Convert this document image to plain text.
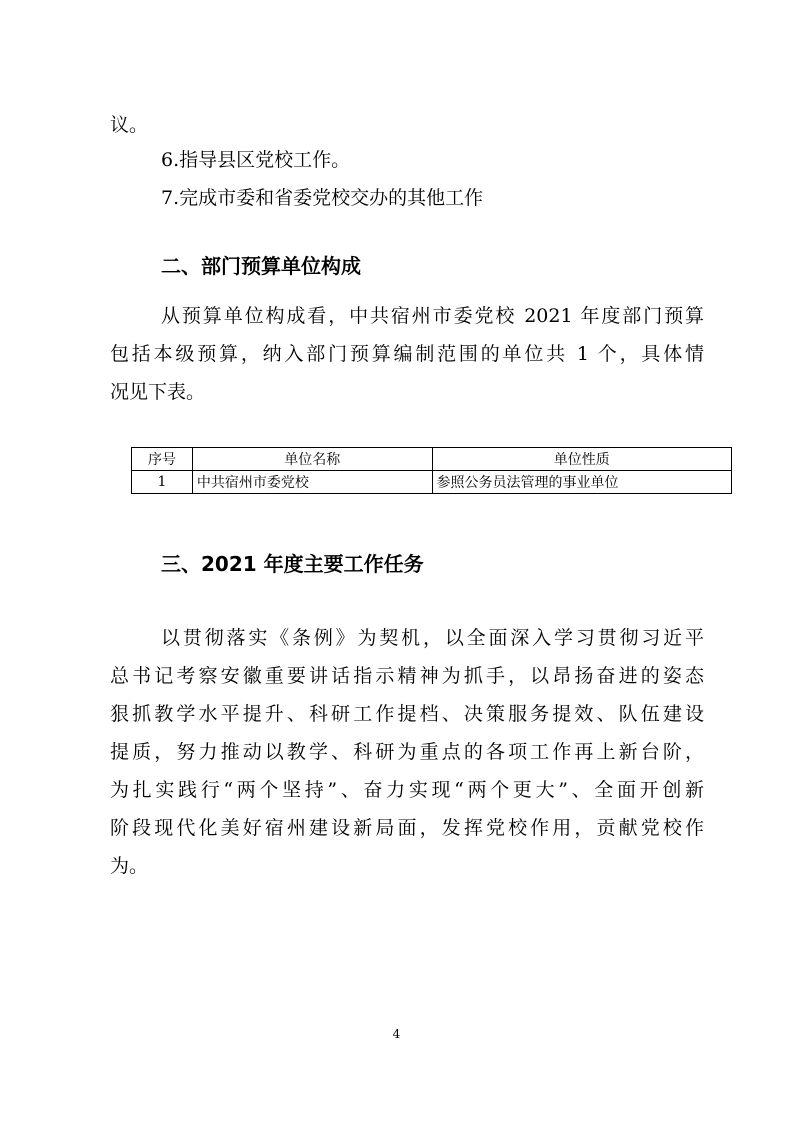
议。
6.指导县区党校工作。
7.完成市委和省委党校交办的其他工作
二、部门预算单位构成
从预算单位构成看，中共宿州市委党校 2021 年度部门预算
包括本级预算，纳入部门预算编制范围的单位共 1 个，具体情
况见下表。
序号	单位名称	单位性质
1	中共宿州市委党校	参照公务员法管理的事业单位
三、2021 年度主要工作任务
以贯彻落实《条例》为契机，以全面深入学习贯彻习近平
总书记考察安徽重要讲话指示精神为抓手，以昂扬奋进的姿态
狠抓教学水平提升、科研工作提档、决策服务提效、队伍建设
提质，努力推动以教学、科研为重点的各项工作再上新台阶，
为扎实践行“两个坚持”、奋力实现“两个更大”、全面开创新
阶段现代化美好宿州建设新局面，发挥党校作用，贡献党校作
为。
4
